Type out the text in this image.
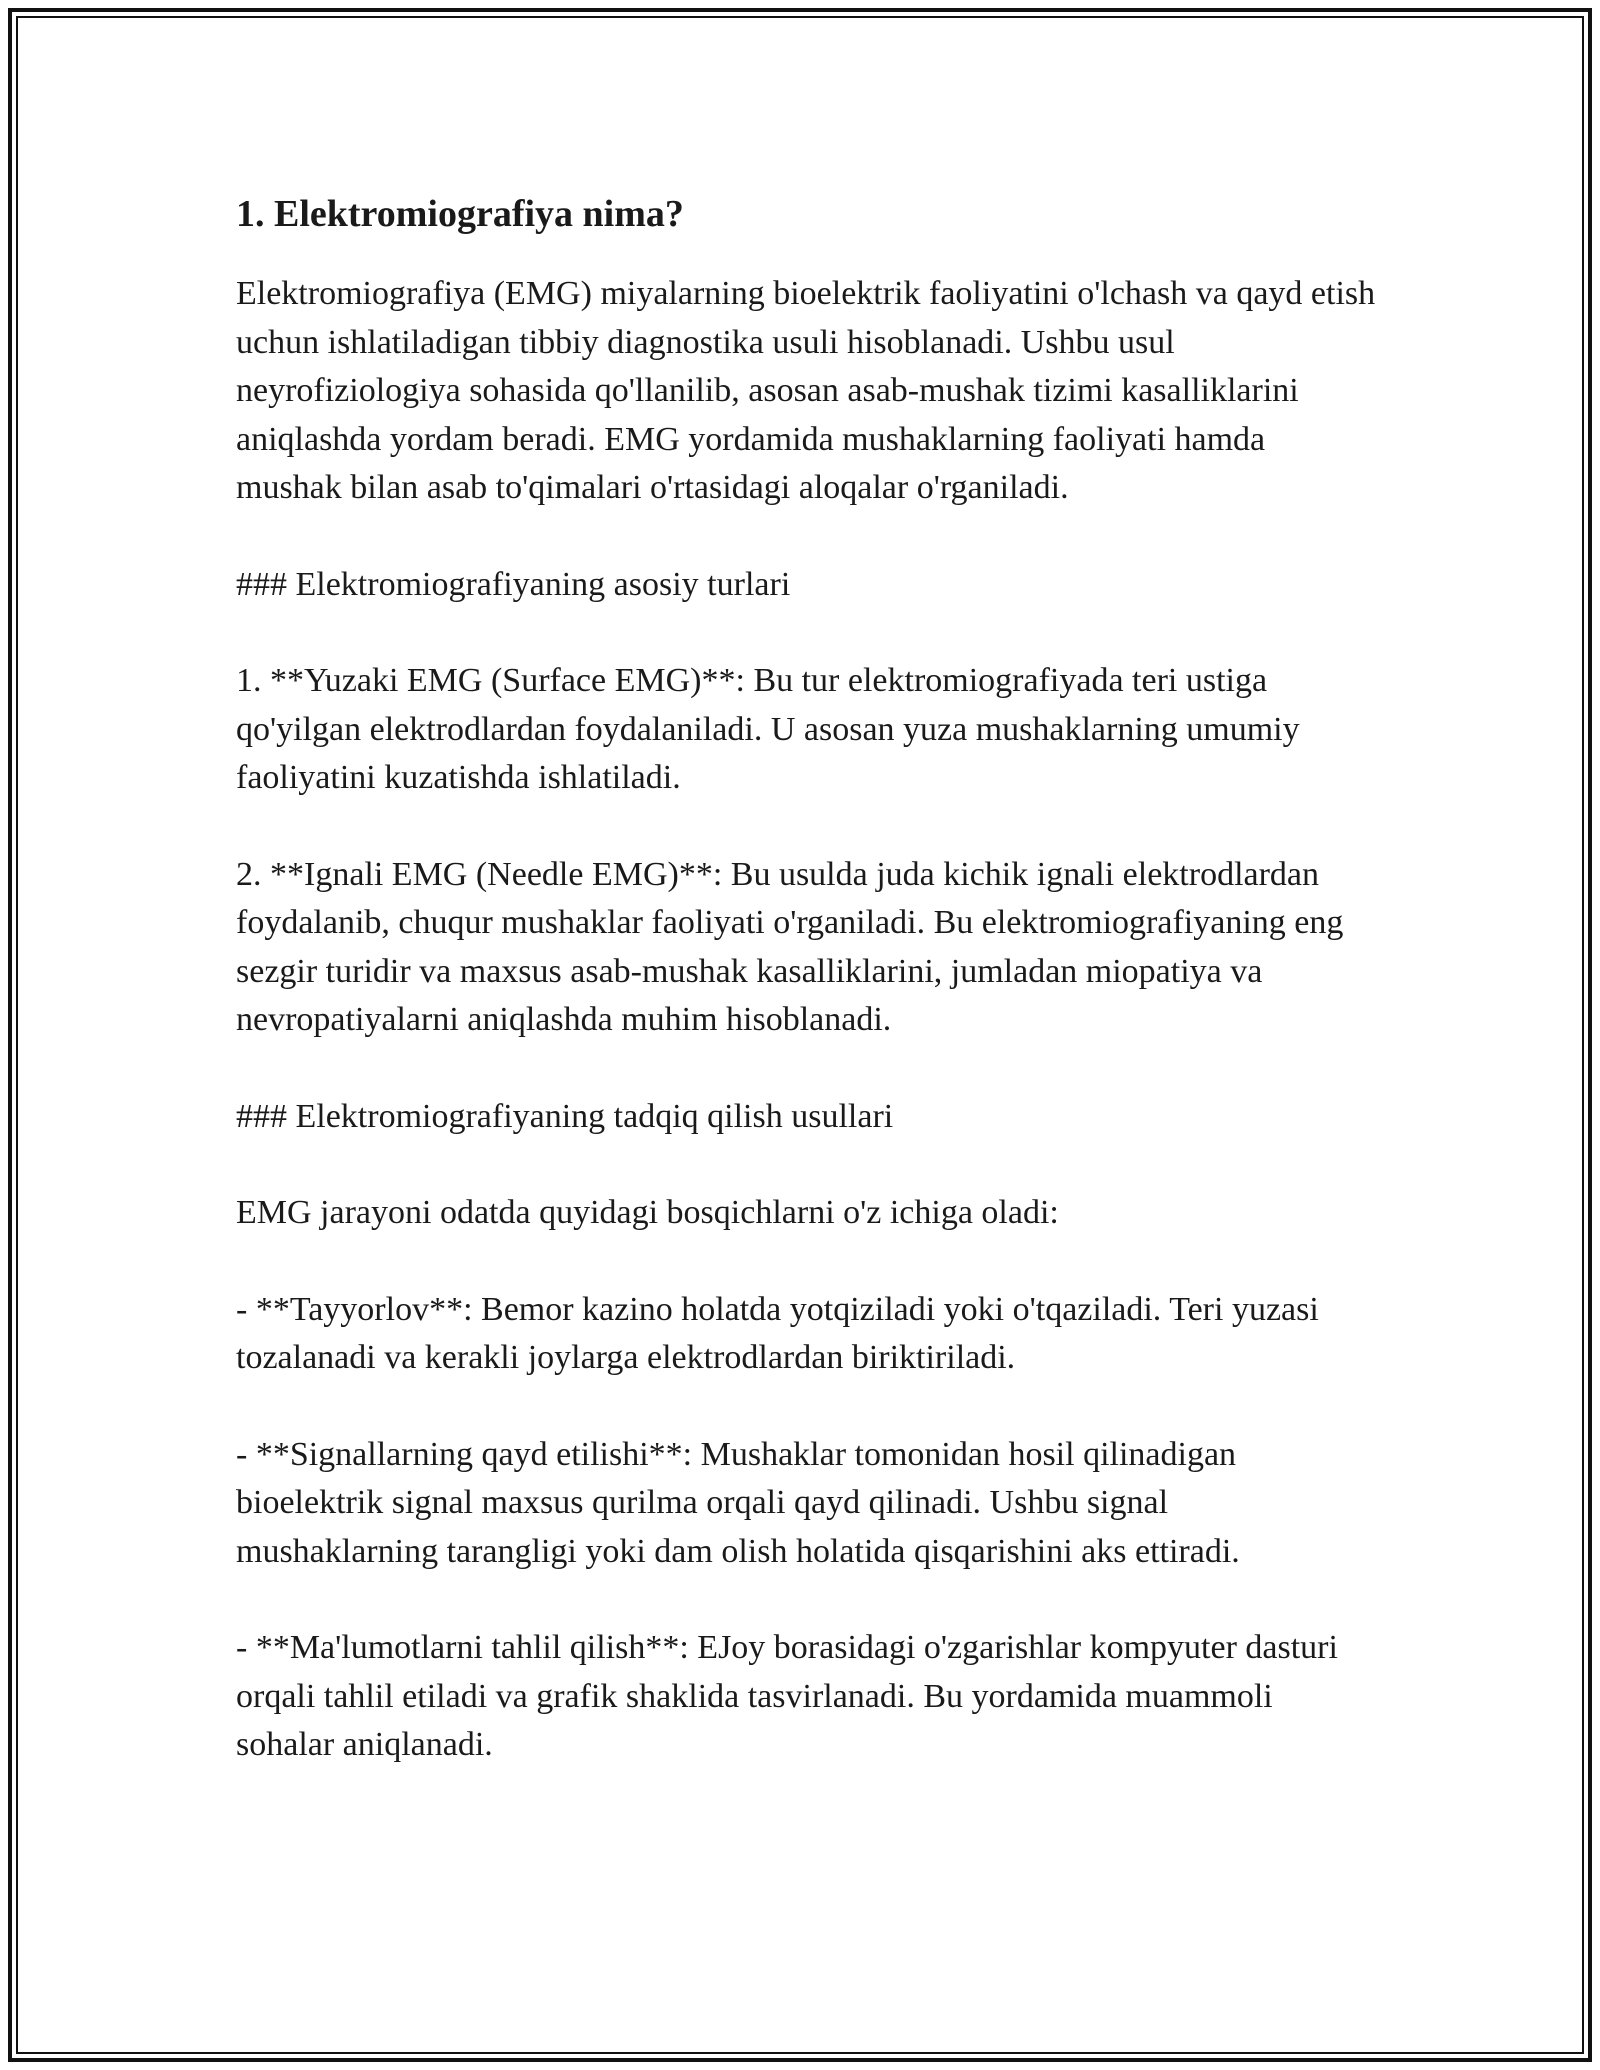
1. Elektromiografiya nima?

Elektromiografiya (EMG) miyalarning bioelektrik faoliyatini o'lchash va qayd etish uchun ishlatiladigan tibbiy diagnostika usuli hisoblanadi. Ushbu usul neyrofiziologiya sohasida qo'llanilib, asosan asab-mushak tizimi kasalliklarini aniqlashda yordam beradi. EMG yordamida mushaklarning faoliyati hamda mushak bilan asab to'qimalari o'rtasidagi aloqalar o'rganiladi.

### Elektromiografiyaning asosiy turlari

1. **Yuzaki EMG (Surface EMG)**: Bu tur elektromiografiyada teri ustiga qo'yilgan elektrodlardan foydalaniladi. U asosan yuza mushaklarning umumiy faoliyatini kuzatishda ishlatiladi.

2. **Ignali EMG (Needle EMG)**: Bu usulda juda kichik ignali elektrodlardan foydalanib, chuqur mushaklar faoliyati o'rganiladi. Bu elektromiografiyaning eng sezgir turidir va maxsus asab-mushak kasalliklarini, jumladan miopatiya va nevropatiyalarni aniqlashda muhim hisoblanadi.

### Elektromiografiyaning tadqiq qilish usullari

EMG jarayoni odatda quyidagi bosqichlarni o'z ichiga oladi:

- **Tayyorlov**: Bemor kazino holatda yotqiziladi yoki o'tqaziladi. Teri yuzasi tozalanadi va kerakli joylarga elektrodlardan biriktiriladi.

- **Signallarning qayd etilishi**: Mushaklar tomonidan hosil qilinadigan bioelektrik signal maxsus qurilma orqali qayd qilinadi. Ushbu signal mushaklarning tarangligi yoki dam olish holatida qisqarishini aks ettiradi.

- **Ma'lumotlarni tahlil qilish**: EJoy borasidagi o'zgarishlar kompyuter dasturi orqali tahlil etiladi va grafik shaklida tasvirlanadi. Bu yordamida muammoli sohalar aniqlanadi.
